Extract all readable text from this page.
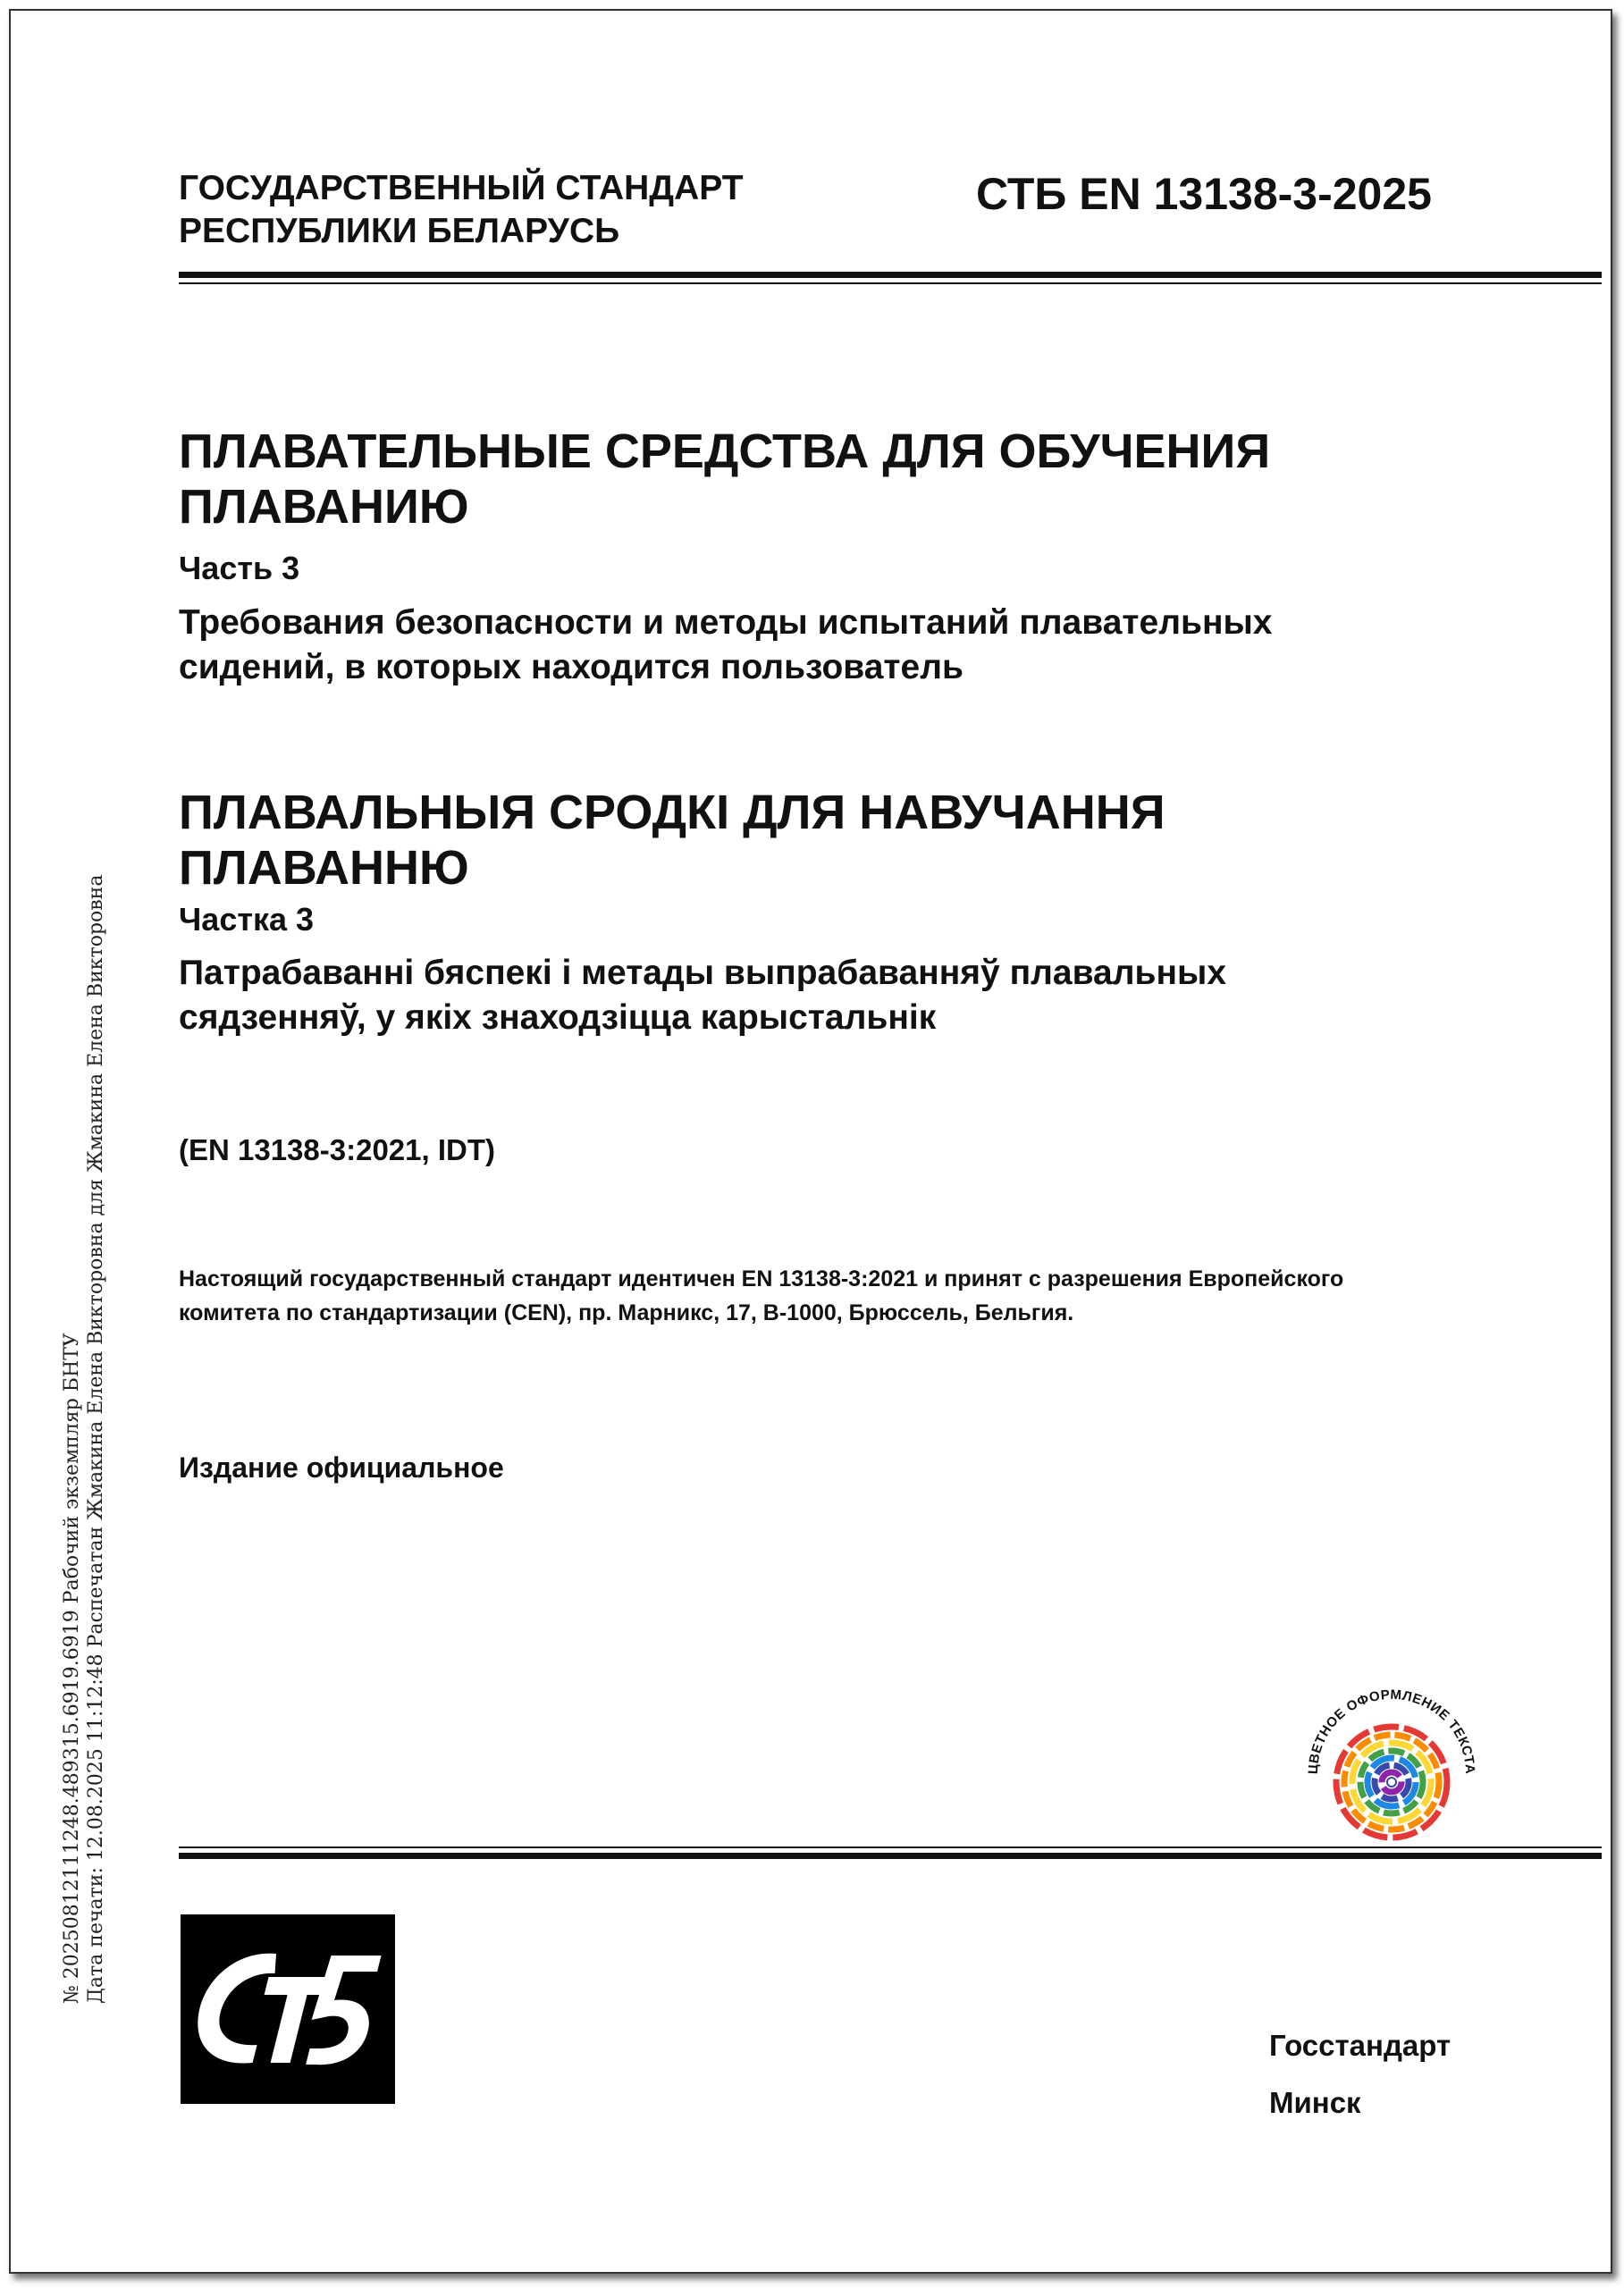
№ 20250812111248.489315.6919.6919 Рабочий экземпляр БНТУ Дата печати: 12.08.2025 11:12:48 Распечатан Жмакина Елена Викторовна для Жмакина Елена Викторовна
ГОСУДАРСТВЕННЫЙ СТАНДАРТ
РЕСПУБЛИКИ БЕЛАРУСЬ
СТБ EN 13138-3-2025
ПЛАВАТЕЛЬНЫЕ СРЕДСТВА ДЛЯ ОБУЧЕНИЯ
ПЛАВАНИЮ
Часть 3
Требования безопасности и методы испытаний плавательных
сидений, в которых находится пользователь
ПЛАВАЛЬНЫЯ СРОДКІ ДЛЯ НАВУЧАННЯ
ПЛАВАННЮ
Частка 3
Патрабаванні бяспекі і метады выпрабаванняў плавальных
сядзенняў, у якіх знаходзіцца карыстальнік
(EN 13138-3:2021, IDT)
Настоящий государственный стандарт идентичен EN 13138-3:2021 и принят с разрешения Европейского
комитета по стандартизации (CEN), пр. Марникс, 17, B-1000, Брюссель, Бельгия.
Издание официальное
ЦВЕТНОЕ ОФОРМЛЕНИЕ ТЕКСТА
СтБ
Госстандарт
Минск
